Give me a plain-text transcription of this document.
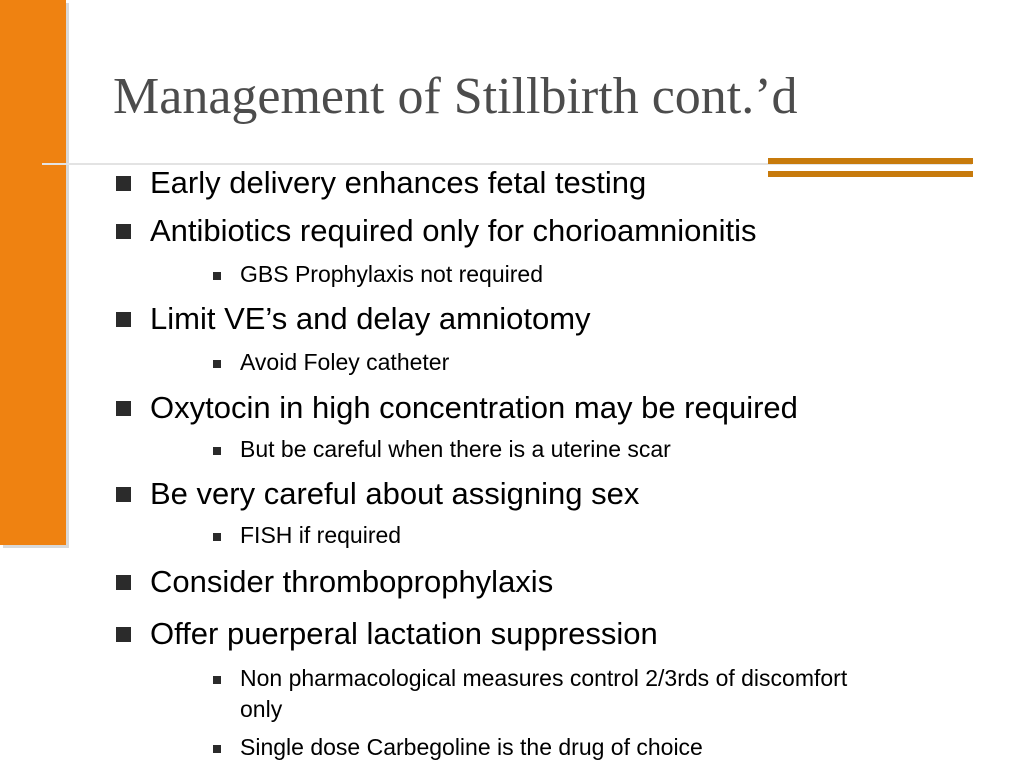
Management of Stillbirth cont.’d
Early delivery enhances fetal testing
Antibiotics required only for chorioamnionitis
GBS Prophylaxis not required
Limit VE’s and delay amniotomy
Avoid Foley catheter
Oxytocin in high concentration may be required
But be careful when there is a uterine scar
Be very careful about assigning sex
FISH if required
Consider thromboprophylaxis
Offer puerperal lactation suppression
Non pharmacological measures control 2/3rds of discomfort only
Single dose Carbegoline is the drug of choice
